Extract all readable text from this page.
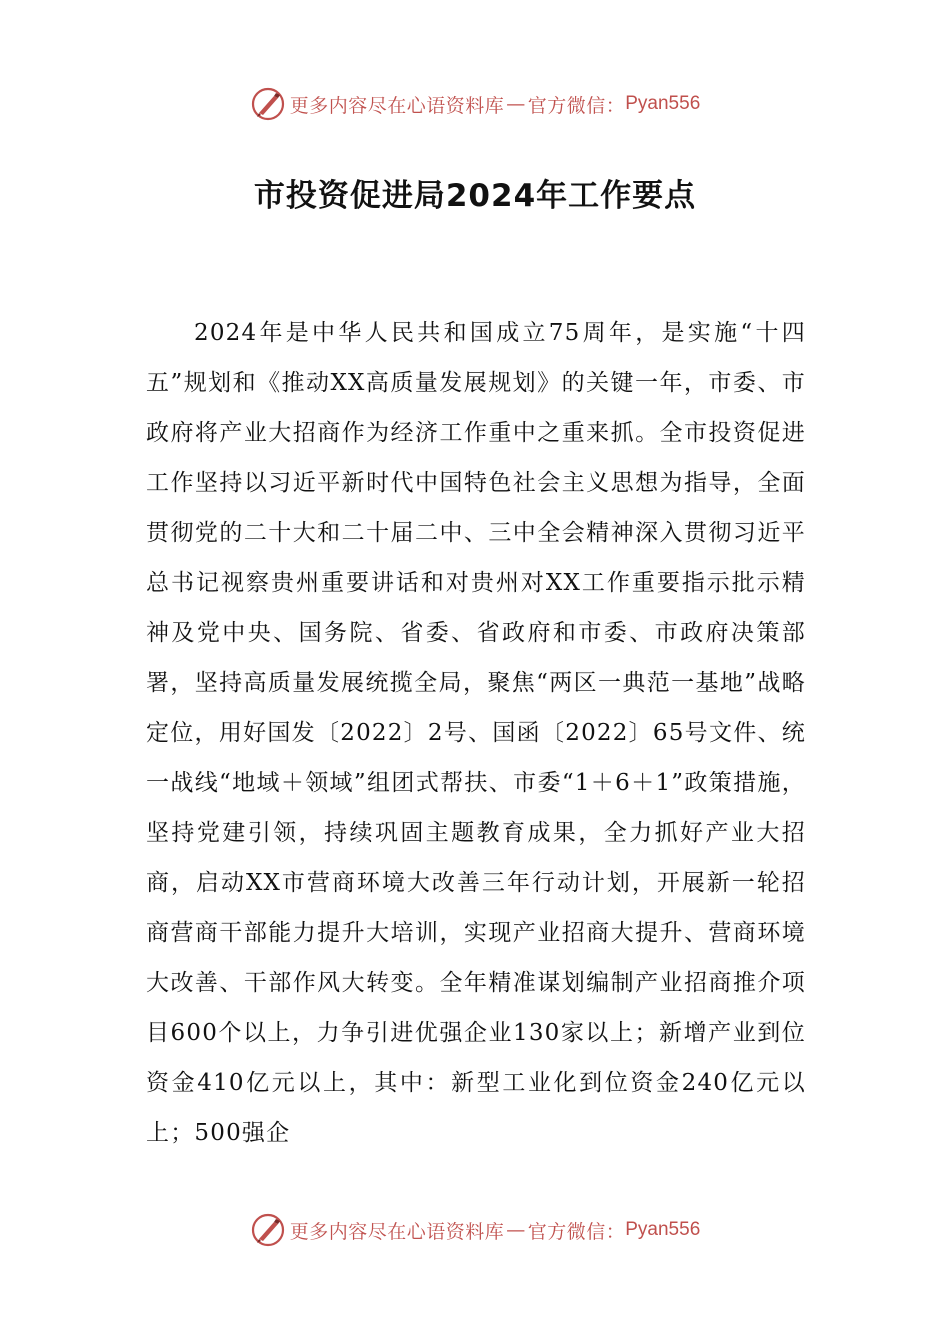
更多内容尽在心语资料库 — 官方微信： Pyan556
市投资促进局2024年工作要点

2024年是中华人民共和国成立75周年，是实施“十四五”规划和《推动XX高质量发展规划》的关键一年，市委、市政府将产业大招商作为经济工作重中之重来抓。全市投资促进工作坚持以习近平新时代中国特色社会主义思想为指导，全面贯彻党的二十大和二十届二中、三中全会精神深入贯彻习近平总书记视察贵州重要讲话和对贵州对XX工作重要指示批示精神及党中央、国务院、省委、省政府和市委、市政府决策部署，坚持高质量发展统揽全局，聚焦“两区一典范一基地”战略定位，用好国发〔2022〕2号、国函〔2022〕65号文件、统一战线“地域＋领域”组团式帮扶、市委“1＋6＋1”政策措施，坚持党建引领，持续巩固主题教育成果，全力抓好产业大招商，启动XX市营商环境大改善三年行动计划，开展新一轮招商营商干部能力提升大培训，实现产业招商大提升、营商环境大改善、干部作风大转变。全年精准谋划编制产业招商推介项目600个以上，力争引进优强企业130家以上；新增产业到位资金410亿元以上，其中：新型工业化到位资金240亿元以上；500强企

更多内容尽在心语资料库 — 官方微信： Pyan556
